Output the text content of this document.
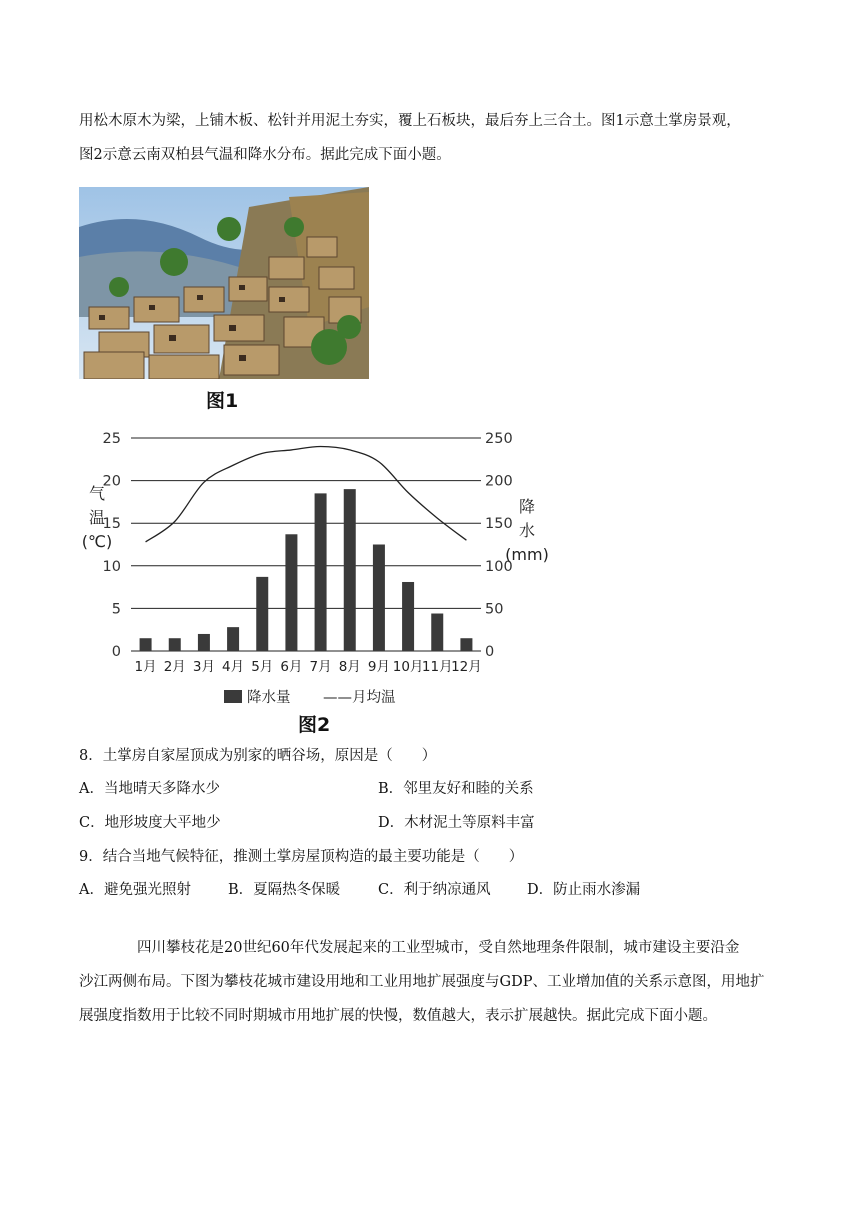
用松木原木为梁，上铺木板、松针并用泥土夯实，覆上石板块，最后夯上三合土。图1示意土掌房景观，

图2示意云南双柏县气温和降水分布。据此完成下面小题。

图1
0
5
10
15
20
25
0
50
100
150
200
250
1月 2月 3月 4月 5月 6月 7月 8月 9月 10月
11月
12月
气
温
(℃)
降
水
(mm)
降水量 ——月均温
图2

8．土掌房自家屋顶成为别家的晒谷场，原因是（　　）

A．当地晴天多降水少	B．邻里友好和睦的关系

C．地形坡度大平地少	D．木材泥土等原料丰富

9．结合当地气候特征，推测土掌房屋顶构造的最主要功能是（　　）

A．避免强光照射	B．夏隔热冬保暖	C．利于纳凉通风	D．防止雨水渗漏

四川攀枝花是20世纪60年代发展起来的工业型城市，受自然地理条件限制，城市建设主要沿金

沙江两侧布局。下图为攀枝花城市建设用地和工业用地扩展强度与GDP、工业增加值的关系示意图，用地扩

展强度指数用于比较不同时期城市用地扩展的快慢，数值越大，表示扩展越快。据此完成下面小题。
